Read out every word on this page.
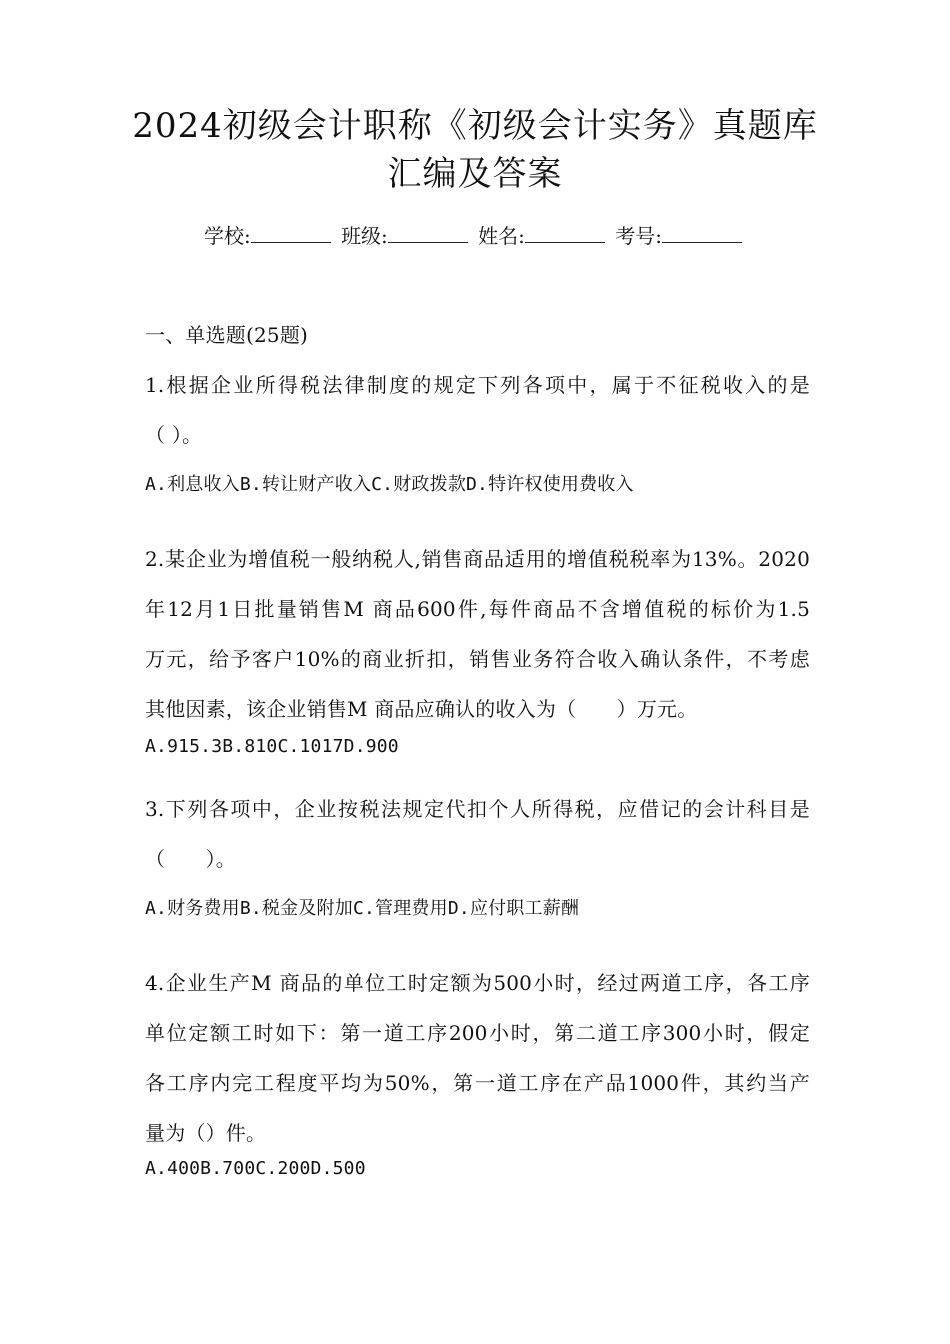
2024初级会计职称《初级会计实务》真题库
汇编及答案
学校:	班级:	姓名:	考号:
一、单选题(25题)
1.根据企业所得税法律制度的规定下列各项中，属于不征税收入的是
（ ）。
A.利息收入B.转让财产收入C.财政拨款D.特许权使用费收入
2.某企业为增值税一般纳税人,销售商品适用的增值税税率为13%。2020
年12月1日批量销售M 商品600件,每件商品不含增值税的标价为1.5
万元，给予客户10%的商业折扣，销售业务符合收入确认条件，不考虑
其他因素，该企业销售M 商品应确认的收入为（　　）万元。
A.915.3B.810C.1017D.900
3.下列各项中，企业按税法规定代扣个人所得税，应借记的会计科目是
（　　）。
A.财务费用B.税金及附加C.管理费用D.应付职工薪酬
4.企业生产M 商品的单位工时定额为500小时，经过两道工序，各工序
单位定额工时如下：第一道工序200小时，第二道工序300小时，假定
各工序内完工程度平均为50%，第一道工序在产品1000件，其约当产
量为（）件。
A.400B.700C.200D.500
